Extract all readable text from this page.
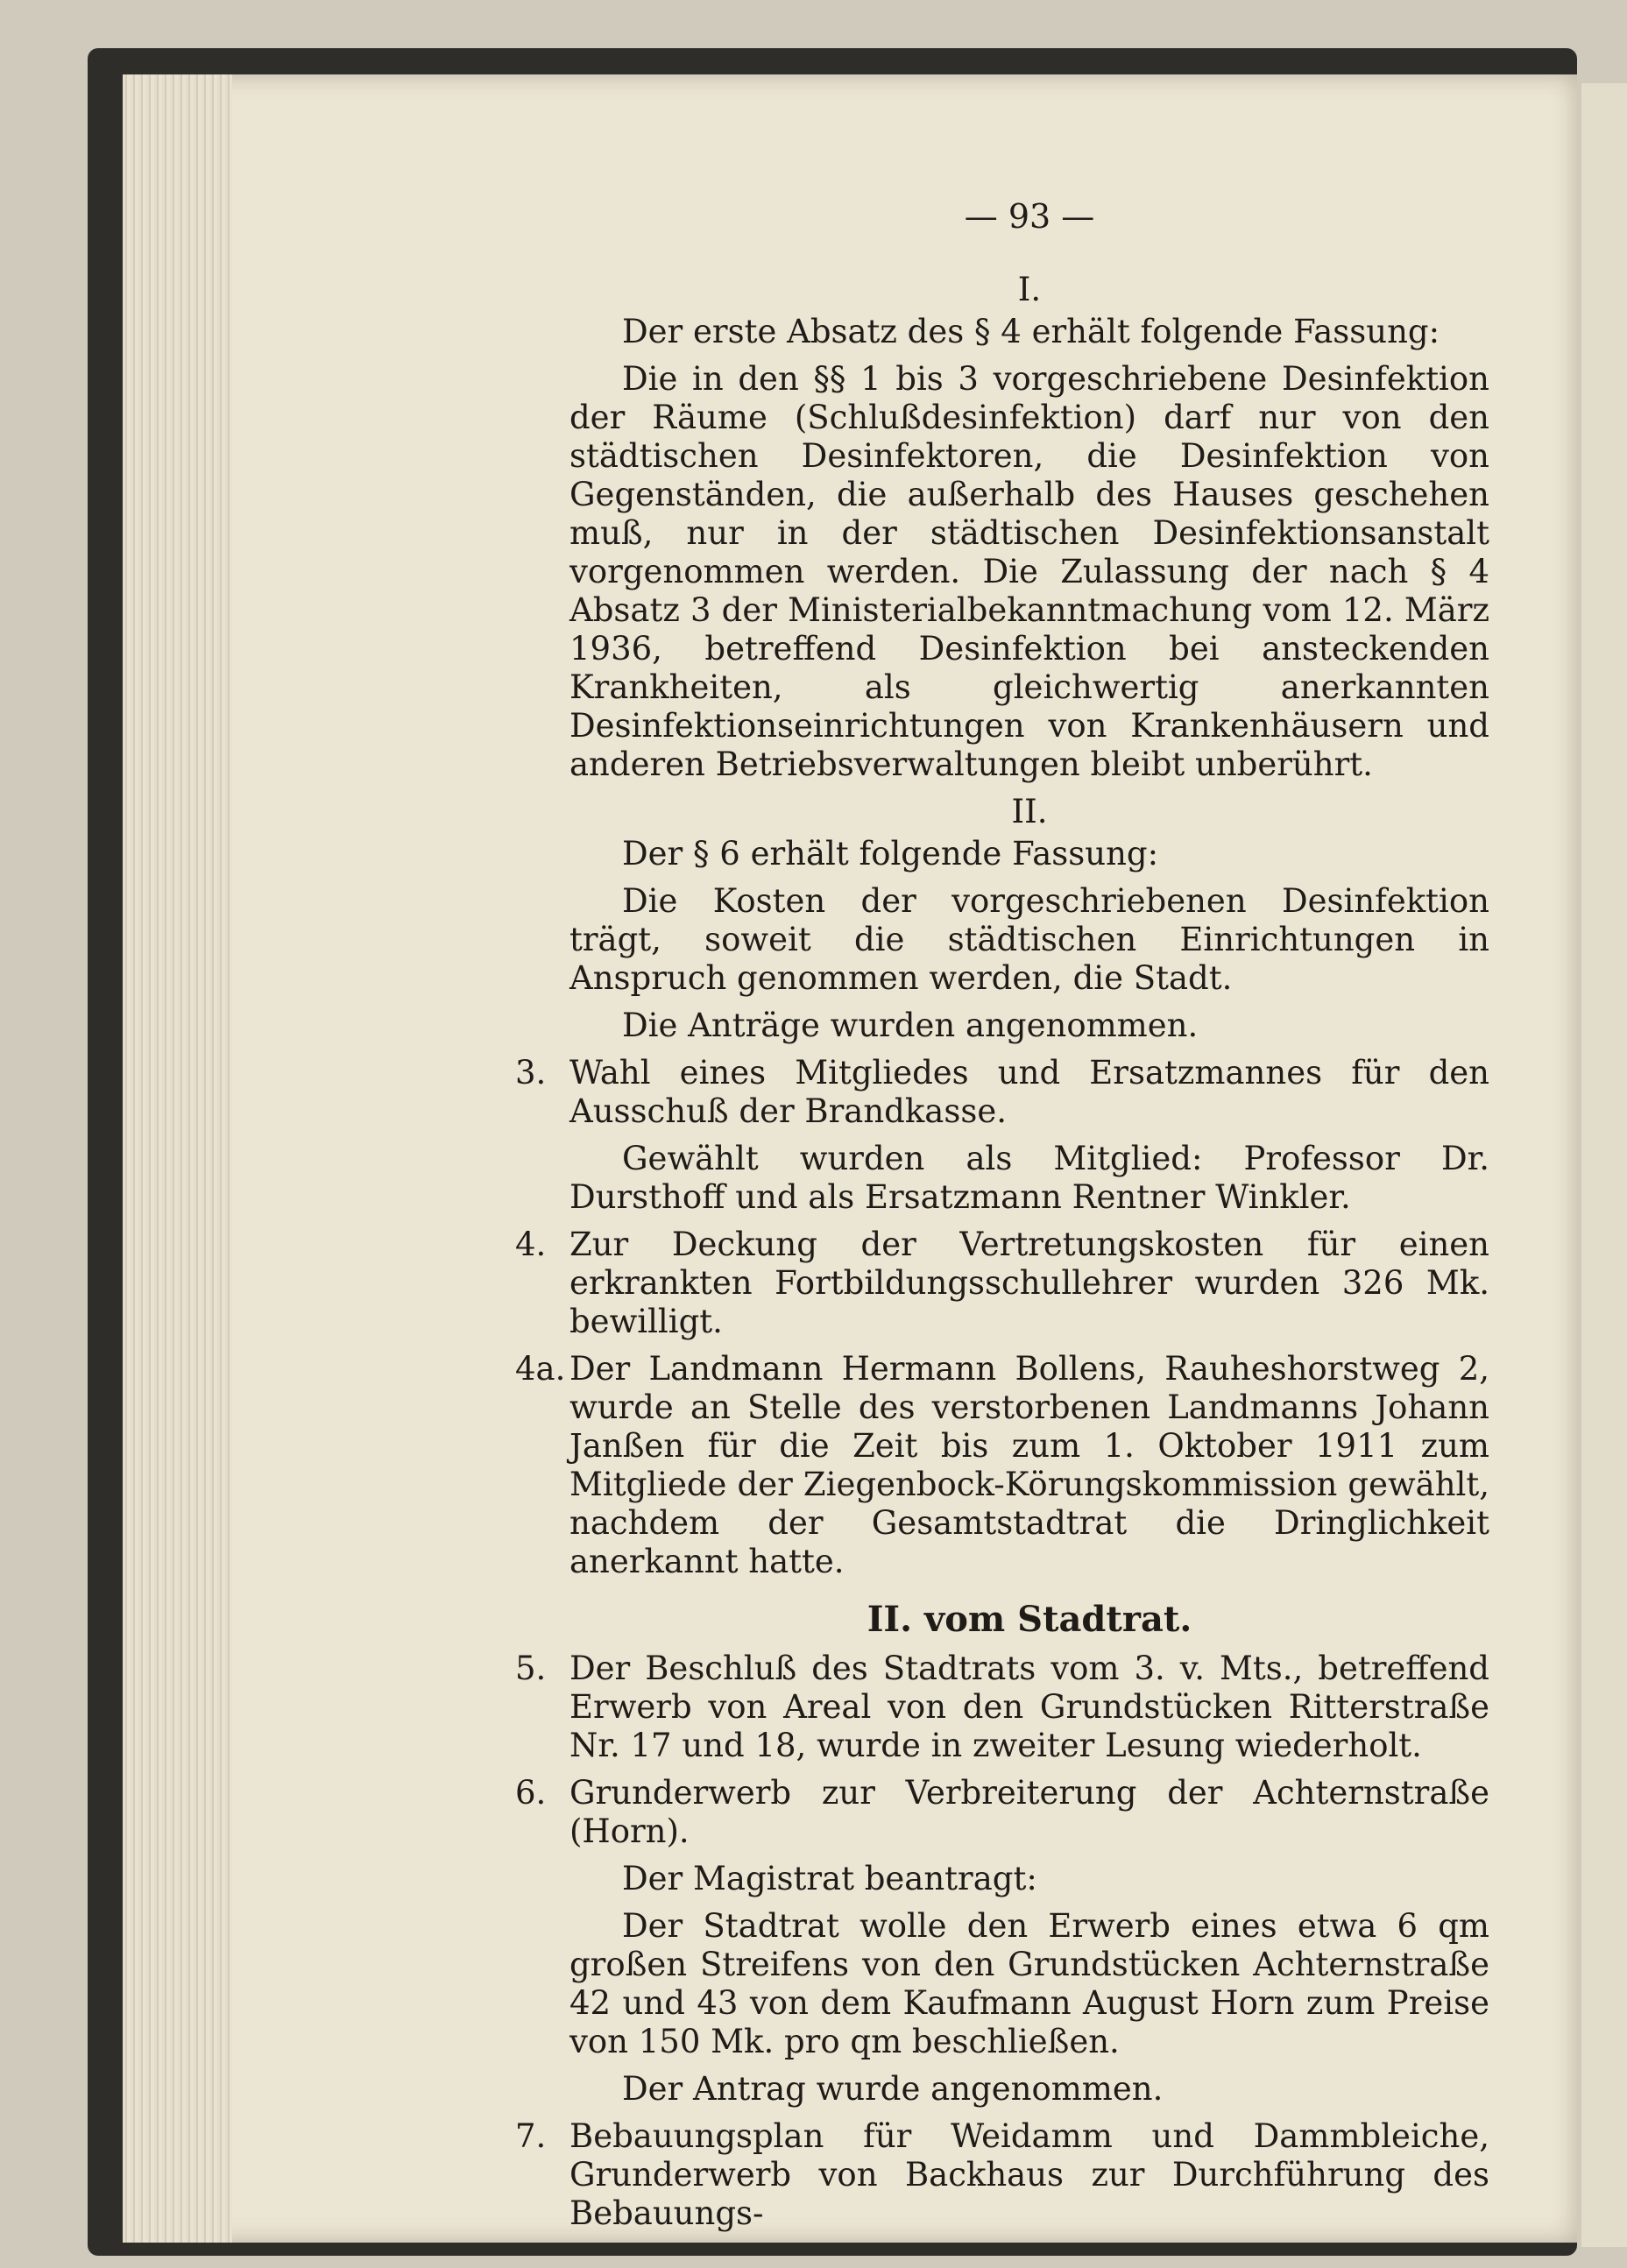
— 93 —
I.
Der erste Absatz des § 4 erhält folgende Fassung:
Die in den §§ 1 bis 3 vorgeschriebene Desinfektion der Räume (Schlußdesinfektion) darf nur von den städtischen Desinfektoren, die Desinfektion von Gegenständen, die außerhalb des Hauses geschehen muß, nur in der städtischen Desinfektionsanstalt vorgenommen werden. Die Zulassung der nach § 4 Absatz 3 der Ministerialbekanntmachung vom 12. März 1936, betreffend Desinfektion bei ansteckenden Krankheiten, als gleichwertig anerkannten Desinfektionseinrichtungen von Krankenhäusern und anderen Betriebsverwaltungen bleibt unberührt.
II.
Der § 6 erhält folgende Fassung:
Die Kosten der vorgeschriebenen Desinfektion trägt, soweit die städtischen Einrichtungen in Anspruch genommen werden, die Stadt.
Die Anträge wurden angenommen.
3. Wahl eines Mitgliedes und Ersatzmannes für den Ausschuß der Brandkasse.
Gewählt wurden als Mitglied: Professor Dr. Dursthoff und als Ersatzmann Rentner Winkler.
4. Zur Deckung der Vertretungskosten für einen erkrankten Fortbildungsschullehrer wurden 326 Mk. bewilligt.
4a. Der Landmann Hermann Bollens, Rauheshorstweg 2, wurde an Stelle des verstorbenen Landmanns Johann Janßen für die Zeit bis zum 1. Oktober 1911 zum Mitgliede der Ziegenbock-Körungskommission gewählt, nachdem der Gesamtstadtrat die Dringlichkeit anerkannt hatte.
II. vom Stadtrat.
5. Der Beschluß des Stadtrats vom 3. v. Mts., betreffend Erwerb von Areal von den Grundstücken Ritterstraße Nr. 17 und 18, wurde in zweiter Lesung wiederholt.
6. Grunderwerb zur Verbreiterung der Achternstraße (Horn).
Der Magistrat beantragt:
Der Stadtrat wolle den Erwerb eines etwa 6 qm großen Streifens von den Grundstücken Achternstraße 42 und 43 von dem Kaufmann August Horn zum Preise von 150 Mk. pro qm beschließen.
Der Antrag wurde angenommen.
7. Bebauungsplan für Weidamm und Dammbleiche, Grunderwerb von Backhaus zur Durchführung des Bebauungs-
